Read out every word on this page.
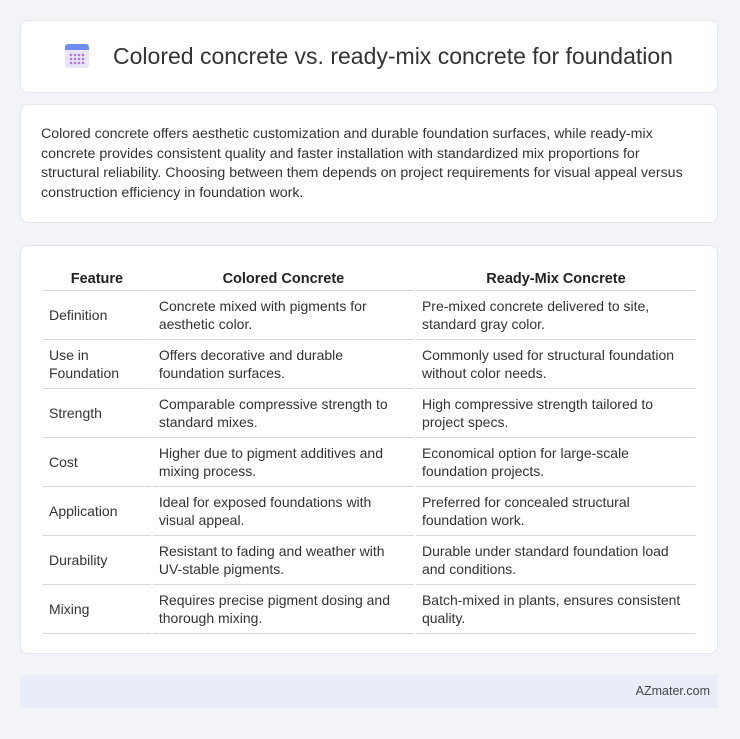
Colored concrete vs. ready-mix concrete for foundation

Colored concrete offers aesthetic customization and durable foundation surfaces, while ready-mix concrete provides consistent quality and faster installation with standardized mix proportions for structural reliability. Choosing between them depends on project requirements for visual appeal versus construction efficiency in foundation work.

Feature	Colored Concrete	Ready-Mix Concrete
Definition	Concrete mixed with pigments for aesthetic color.	Pre-mixed concrete delivered to site, standard gray color.
Use in Foundation	Offers decorative and durable foundation surfaces.	Commonly used for structural foundation without color needs.
Strength	Comparable compressive strength to standard mixes.	High compressive strength tailored to project specs.
Cost	Higher due to pigment additives and mixing process.	Economical option for large-scale foundation projects.
Application	Ideal for exposed foundations with visual appeal.	Preferred for concealed structural foundation work.
Durability	Resistant to fading and weather with UV-stable pigments.	Durable under standard foundation load and conditions.
Mixing	Requires precise pigment dosing and thorough mixing.	Batch-mixed in plants, ensures consistent quality.
AZmater.com
